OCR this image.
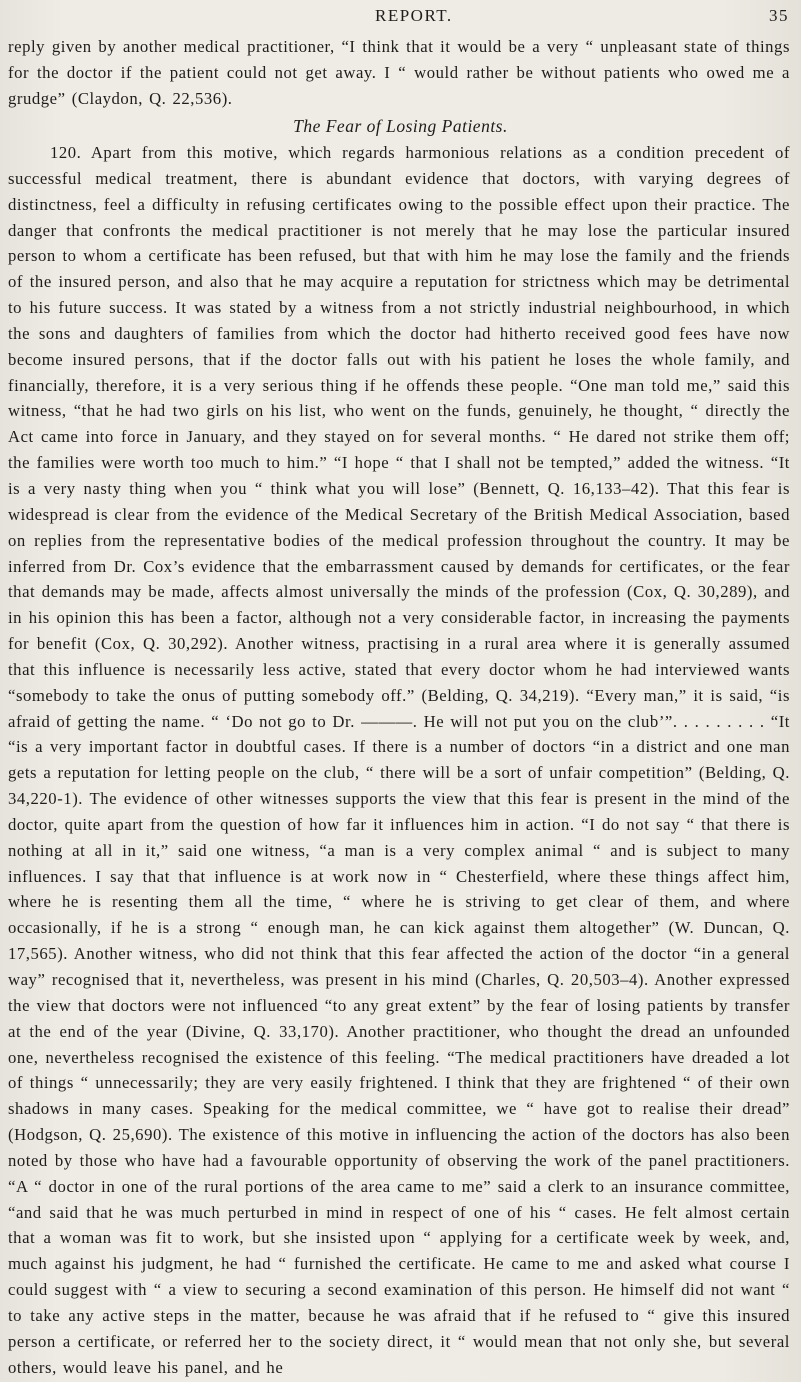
REPORT.	35
reply given by another medical practitioner, “I think that it would be a very “ unpleasant state of things for the doctor if the patient could not get away. I “ would rather be without patients who owed me a grudge” (Claydon, Q. 22,536).
The Fear of Losing Patients.
120. Apart from this motive, which regards harmonious relations as a condition precedent of successful medical treatment, there is abundant evidence that doctors, with varying degrees of distinctness, feel a difficulty in refusing certificates owing to the possible effect upon their practice. The danger that confronts the medical practitioner is not merely that he may lose the particular insured person to whom a certificate has been refused, but that with him he may lose the family and the friends of the insured person, and also that he may acquire a reputation for strictness which may be detrimental to his future success. It was stated by a witness from a not strictly industrial neighbourhood, in which the sons and daughters of families from which the doctor had hitherto received good fees have now become insured persons, that if the doctor falls out with his patient he loses the whole family, and financially, therefore, it is a very serious thing if he offends these people. “One man told me,” said this witness, “that he had two girls on his list, who went on the funds, genuinely, he thought, “ directly the Act came into force in January, and they stayed on for several months. “ He dared not strike them off; the families were worth too much to him.” “I hope “ that I shall not be tempted,” added the witness. “It is a very nasty thing when you “ think what you will lose” (Bennett, Q. 16,133–42). That this fear is widespread is clear from the evidence of the Medical Secretary of the British Medical Association, based on replies from the representative bodies of the medical profession throughout the country. It may be inferred from Dr. Cox’s evidence that the embarrassment caused by demands for certificates, or the fear that demands may be made, affects almost universally the minds of the profession (Cox, Q. 30,289), and in his opinion this has been a factor, although not a very considerable factor, in increasing the payments for benefit (Cox, Q. 30,292). Another witness, practising in a rural area where it is generally assumed that this influence is necessarily less active, stated that every doctor whom he had interviewed wants “somebody to take the onus of putting somebody off.” (Belding, Q. 34,219). “Every man,” it is said, “is afraid of getting the name. “ ‘Do not go to Dr. ———. He will not put you on the club’”. . . . . . . . . “It “is a very important factor in doubtful cases. If there is a number of doctors “in a district and one man gets a reputation for letting people on the club, “ there will be a sort of unfair competition” (Belding, Q. 34,220-1). The evidence of other witnesses supports the view that this fear is present in the mind of the doctor, quite apart from the question of how far it influences him in action. “I do not say “ that there is nothing at all in it,” said one witness, “a man is a very complex animal “ and is subject to many influences. I say that that influence is at work now in “ Chesterfield, where these things affect him, where he is resenting them all the time, “ where he is striving to get clear of them, and where occasionally, if he is a strong “ enough man, he can kick against them altogether” (W. Duncan, Q. 17,565). Another witness, who did not think that this fear affected the action of the doctor “in a general way” recognised that it, nevertheless, was present in his mind (Charles, Q. 20,503–4). Another expressed the view that doctors were not influenced “to any great extent” by the fear of losing patients by transfer at the end of the year (Divine, Q. 33,170). Another practitioner, who thought the dread an unfounded one, nevertheless recognised the existence of this feeling. “The medical practitioners have dreaded a lot of things “ unnecessarily; they are very easily frightened. I think that they are frightened “ of their own shadows in many cases. Speaking for the medical committee, we “ have got to realise their dread” (Hodgson, Q. 25,690). The existence of this motive in influencing the action of the doctors has also been noted by those who have had a favourable opportunity of observing the work of the panel practitioners. “A “ doctor in one of the rural portions of the area came to me” said a clerk to an insurance committee, “and said that he was much perturbed in mind in respect of one of his “ cases. He felt almost certain that a woman was fit to work, but she insisted upon “ applying for a certificate week by week, and, much against his judgment, he had “ furnished the certificate. He came to me and asked what course I could suggest with “ a view to securing a second examination of this person. He himself did not want “ to take any active steps in the matter, because he was afraid that if he refused to “ give this insured person a certificate, or referred her to the society direct, it “ would mean that not only she, but several others, would leave his panel, and he
